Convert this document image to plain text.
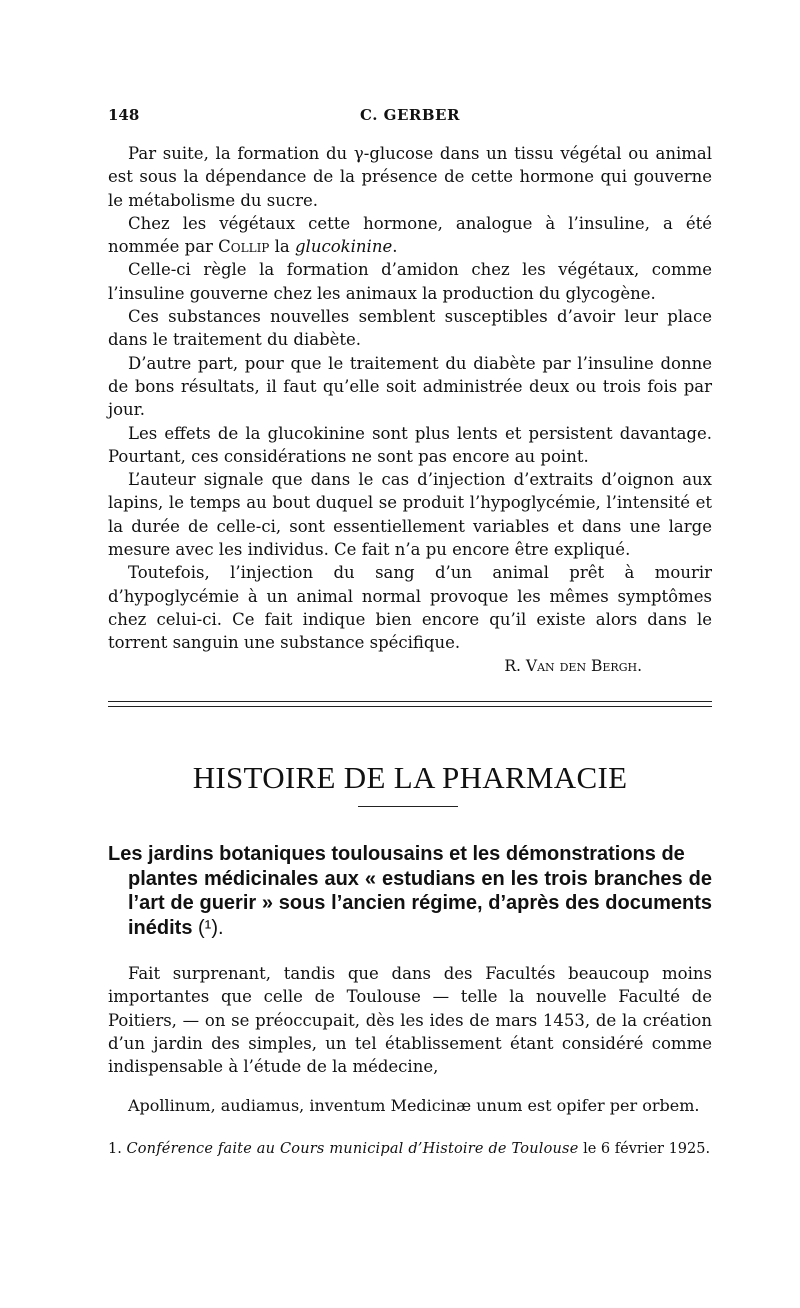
148	C. GERBER

Par suite, la formation du γ-glucose dans un tissu végétal ou animal est sous la dépendance de la présence de cette hormone qui gouverne le métabolisme du sucre.

Chez les végétaux cette hormone, analogue à l’insuline, a été nommée par Collip la glucokinine.

Celle-ci règle la formation d’amidon chez les végétaux, comme l’insuline gouverne chez les animaux la production du glycogène.

Ces substances nouvelles semblent susceptibles d’avoir leur place dans le traitement du diabète.

D’autre part, pour que le traitement du diabète par l’insuline donne de bons résultats, il faut qu’elle soit administrée deux ou trois fois par jour.

Les effets de la glucokinine sont plus lents et persistent davantage. Pourtant, ces considérations ne sont pas encore au point.

L’auteur signale que dans le cas d’injection d’extraits d’oignon aux lapins, le temps au bout duquel se produit l’hypoglycémie, l’intensité et la durée de celle-ci, sont essentiellement variables et dans une large mesure avec les individus. Ce fait n’a pu encore être expliqué.

Toutefois, l’injection du sang d’un animal prêt à mourir d’hypoglycémie à un animal normal provoque les mêmes symptômes chez celui-ci. Ce fait indique bien encore qu’il existe alors dans le torrent sanguin une substance spécifique.

R. Van den Bergh.

HISTOIRE DE LA PHARMACIE
Les jardins botaniques toulousains et les démonstrations de
plantes médicinales aux « estudians en les trois branches de l’art de guerir » sous l’ancien régime, d’après des documents inédits (¹).

Fait surprenant, tandis que dans des Facultés beaucoup moins importantes que celle de Toulouse — telle la nouvelle Faculté de Poitiers, — on se préoccupait, dès les ides de mars 1453, de la création d’un jardin des simples, un tel établissement étant considéré comme indispensable à l’étude de la médecine,

Apollinum, audiamus, inventum Medicinæ unum est opifer per orbem.
1. Conférence faite au Cours municipal d’Histoire de Toulouse le 6 février 1925.
